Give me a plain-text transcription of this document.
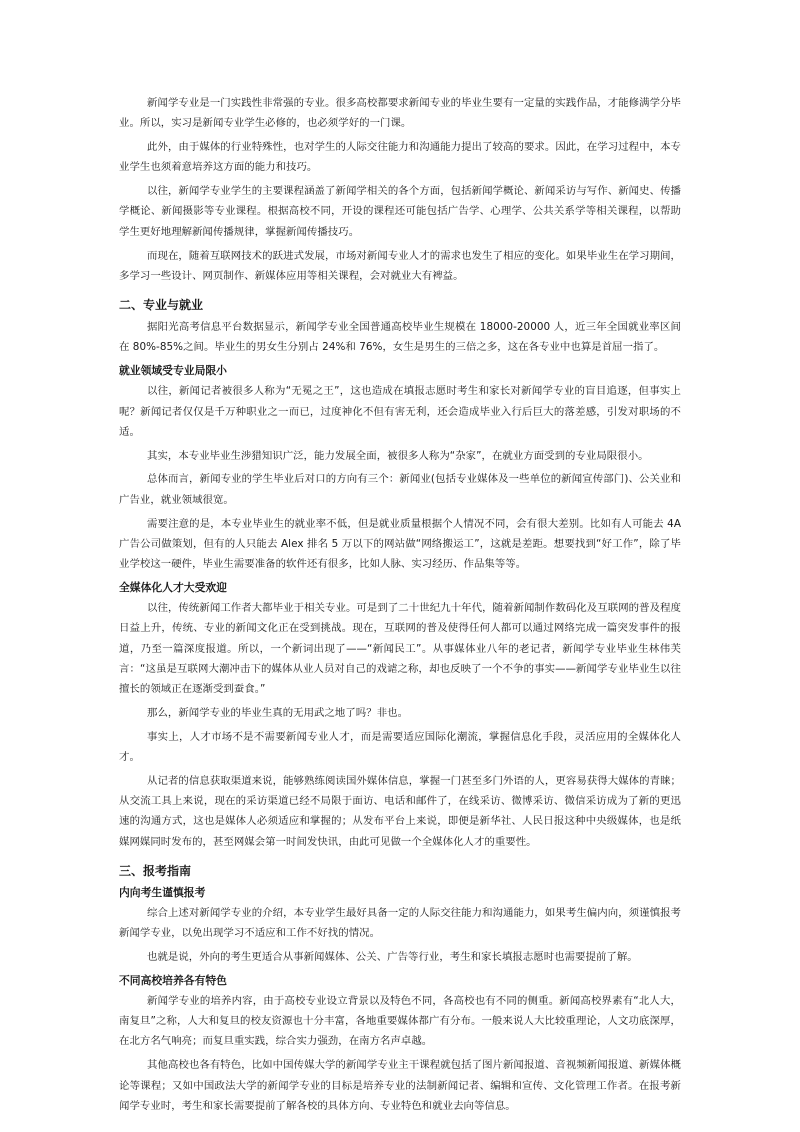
新闻学专业是一门实践性非常强的专业。很多高校都要求新闻专业的毕业生要有一定量的实践作品，才能修满学分毕业。所以，实习是新闻专业学生必修的，也必须学好的一门课。

此外，由于媒体的行业特殊性，也对学生的人际交往能力和沟通能力提出了较高的要求。因此，在学习过程中，本专业学生也须着意培养这方面的能力和技巧。

以往，新闻学专业学生的主要课程涵盖了新闻学相关的各个方面，包括新闻学概论、新闻采访与写作、新闻史、传播学概论、新闻摄影等专业课程。根据高校不同，开设的课程还可能包括广告学、心理学、公共关系学等相关课程，以帮助学生更好地理解新闻传播规律，掌握新闻传播技巧。

而现在，随着互联网技术的跃进式发展，市场对新闻专业人才的需求也发生了相应的变化。如果毕业生在学习期间，多学习一些设计、网页制作、新媒体应用等相关课程，会对就业大有裨益。

二、专业与就业

据阳光高考信息平台数据显示，新闻学专业全国普通高校毕业生规模在 18000-20000 人，近三年全国就业率区间在 80%-85%之间。毕业生的男女生分别占 24%和 76%，女生是男生的三倍之多，这在各专业中也算是首屈一指了。

就业领域受专业局限小

以往，新闻记者被很多人称为“无冕之王”，这也造成在填报志愿时考生和家长对新闻学专业的盲目追逐，但事实上呢？新闻记者仅仅是千万种职业之一而已，过度神化不但有害无利，还会造成毕业入行后巨大的落差感，引发对职场的不适。

其实，本专业毕业生涉猎知识广泛，能力发展全面，被很多人称为“杂家”，在就业方面受到的专业局限很小。

总体而言，新闻专业的学生毕业后对口的方向有三个：新闻业(包括专业媒体及一些单位的新闻宣传部门)、公关业和广告业，就业领域很宽。

需要注意的是，本专业毕业生的就业率不低，但是就业质量根据个人情况不同，会有很大差别。比如有人可能去 4A 广告公司做策划，但有的人只能去 Alex 排名 5 万以下的网站做“网络搬运工”，这就是差距。想要找到“好工作”，除了毕业学校这一硬件，毕业生需要准备的软件还有很多，比如人脉、实习经历、作品集等等。

全媒体化人才大受欢迎

以往，传统新闻工作者大都毕业于相关专业。可是到了二十世纪九十年代，随着新闻制作数码化及互联网的普及程度日益上升，传统、专业的新闻文化正在受到挑战。现在，互联网的普及使得任何人都可以通过网络完成一篇突发事件的报道，乃至一篇深度报道。所以，一个新词出现了——“新闻民工”。从事媒体业八年的老记者，新闻学专业毕业生林伟芙言：“这虽是互联网大潮冲击下的媒体从业人员对自己的戏谑之称，却也反映了一个不争的事实——新闻学专业毕业生以往擅长的领域正在逐渐受到蚕食。”

那么，新闻学专业的毕业生真的无用武之地了吗？非也。

事实上，人才市场不是不需要新闻专业人才，而是需要适应国际化潮流，掌握信息化手段，灵活应用的全媒体化人才。

从记者的信息获取渠道来说，能够熟练阅读国外媒体信息，掌握一门甚至多门外语的人，更容易获得大媒体的青睐；从交流工具上来说，现在的采访渠道已经不局限于面访、电话和邮件了，在线采访、微博采访、微信采访成为了新的更迅速的沟通方式，这也是媒体人必须适应和掌握的；从发布平台上来说，即便是新华社、人民日报这种中央级媒体，也是纸媒网媒同时发布的，甚至网媒会第一时间发快讯，由此可见做一个全媒体化人才的重要性。

三、报考指南
内向考生谨慎报考

综合上述对新闻学专业的介绍，本专业学生最好具备一定的人际交往能力和沟通能力，如果考生偏内向，须谨慎报考新闻学专业，以免出现学习不适应和工作不好找的情况。

也就是说，外向的考生更适合从事新闻媒体、公关、广告等行业，考生和家长填报志愿时也需要提前了解。

不同高校培养各有特色

新闻学专业的培养内容，由于高校专业设立背景以及特色不同，各高校也有不同的侧重。新闻高校界素有“北人大，南复旦”之称，人大和复旦的校友资源也十分丰富，各地重要媒体都广有分布。一般来说人大比较重理论，人文功底深厚，在北方名气响亮；而复旦重实践，综合实力强劲，在南方名声卓越。

其他高校也各有特色，比如中国传媒大学的新闻学专业主干课程就包括了图片新闻报道、音视频新闻报道、新媒体概论等课程；又如中国政法大学的新闻学专业的目标是培养专业的法制新闻记者、编辑和宣传、文化管理工作者。在报考新闻学专业时，考生和家长需要提前了解各校的具体方向、专业特色和就业去向等信息。
